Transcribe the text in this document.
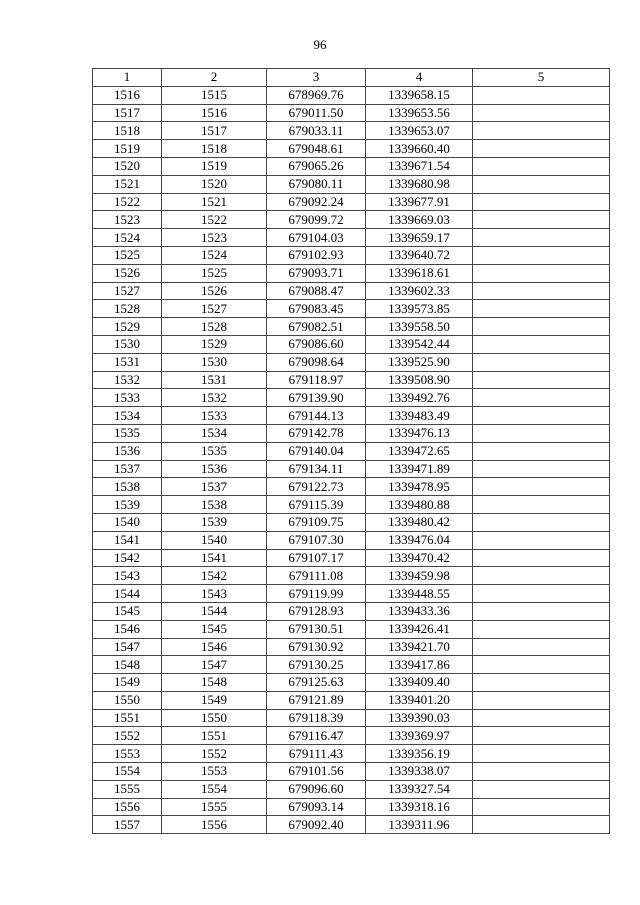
96
1	2	3	4	5
1516	1515	678969.76	1339658.15	
1517	1516	679011.50	1339653.56	
1518	1517	679033.11	1339653.07	
1519	1518	679048.61	1339660.40	
1520	1519	679065.26	1339671.54	
1521	1520	679080.11	1339680.98	
1522	1521	679092.24	1339677.91	
1523	1522	679099.72	1339669.03	
1524	1523	679104.03	1339659.17	
1525	1524	679102.93	1339640.72	
1526	1525	679093.71	1339618.61	
1527	1526	679088.47	1339602.33	
1528	1527	679083.45	1339573.85	
1529	1528	679082.51	1339558.50	
1530	1529	679086.60	1339542.44	
1531	1530	679098.64	1339525.90	
1532	1531	679118.97	1339508.90	
1533	1532	679139.90	1339492.76	
1534	1533	679144.13	1339483.49	
1535	1534	679142.78	1339476.13	
1536	1535	679140.04	1339472.65	
1537	1536	679134.11	1339471.89	
1538	1537	679122.73	1339478.95	
1539	1538	679115.39	1339480.88	
1540	1539	679109.75	1339480.42	
1541	1540	679107.30	1339476.04	
1542	1541	679107.17	1339470.42	
1543	1542	679111.08	1339459.98	
1544	1543	679119.99	1339448.55	
1545	1544	679128.93	1339433.36	
1546	1545	679130.51	1339426.41	
1547	1546	679130.92	1339421.70	
1548	1547	679130.25	1339417.86	
1549	1548	679125.63	1339409.40	
1550	1549	679121.89	1339401.20	
1551	1550	679118.39	1339390.03	
1552	1551	679116.47	1339369.97	
1553	1552	679111.43	1339356.19	
1554	1553	679101.56	1339338.07	
1555	1554	679096.60	1339327.54	
1556	1555	679093.14	1339318.16	
1557	1556	679092.40	1339311.96	
